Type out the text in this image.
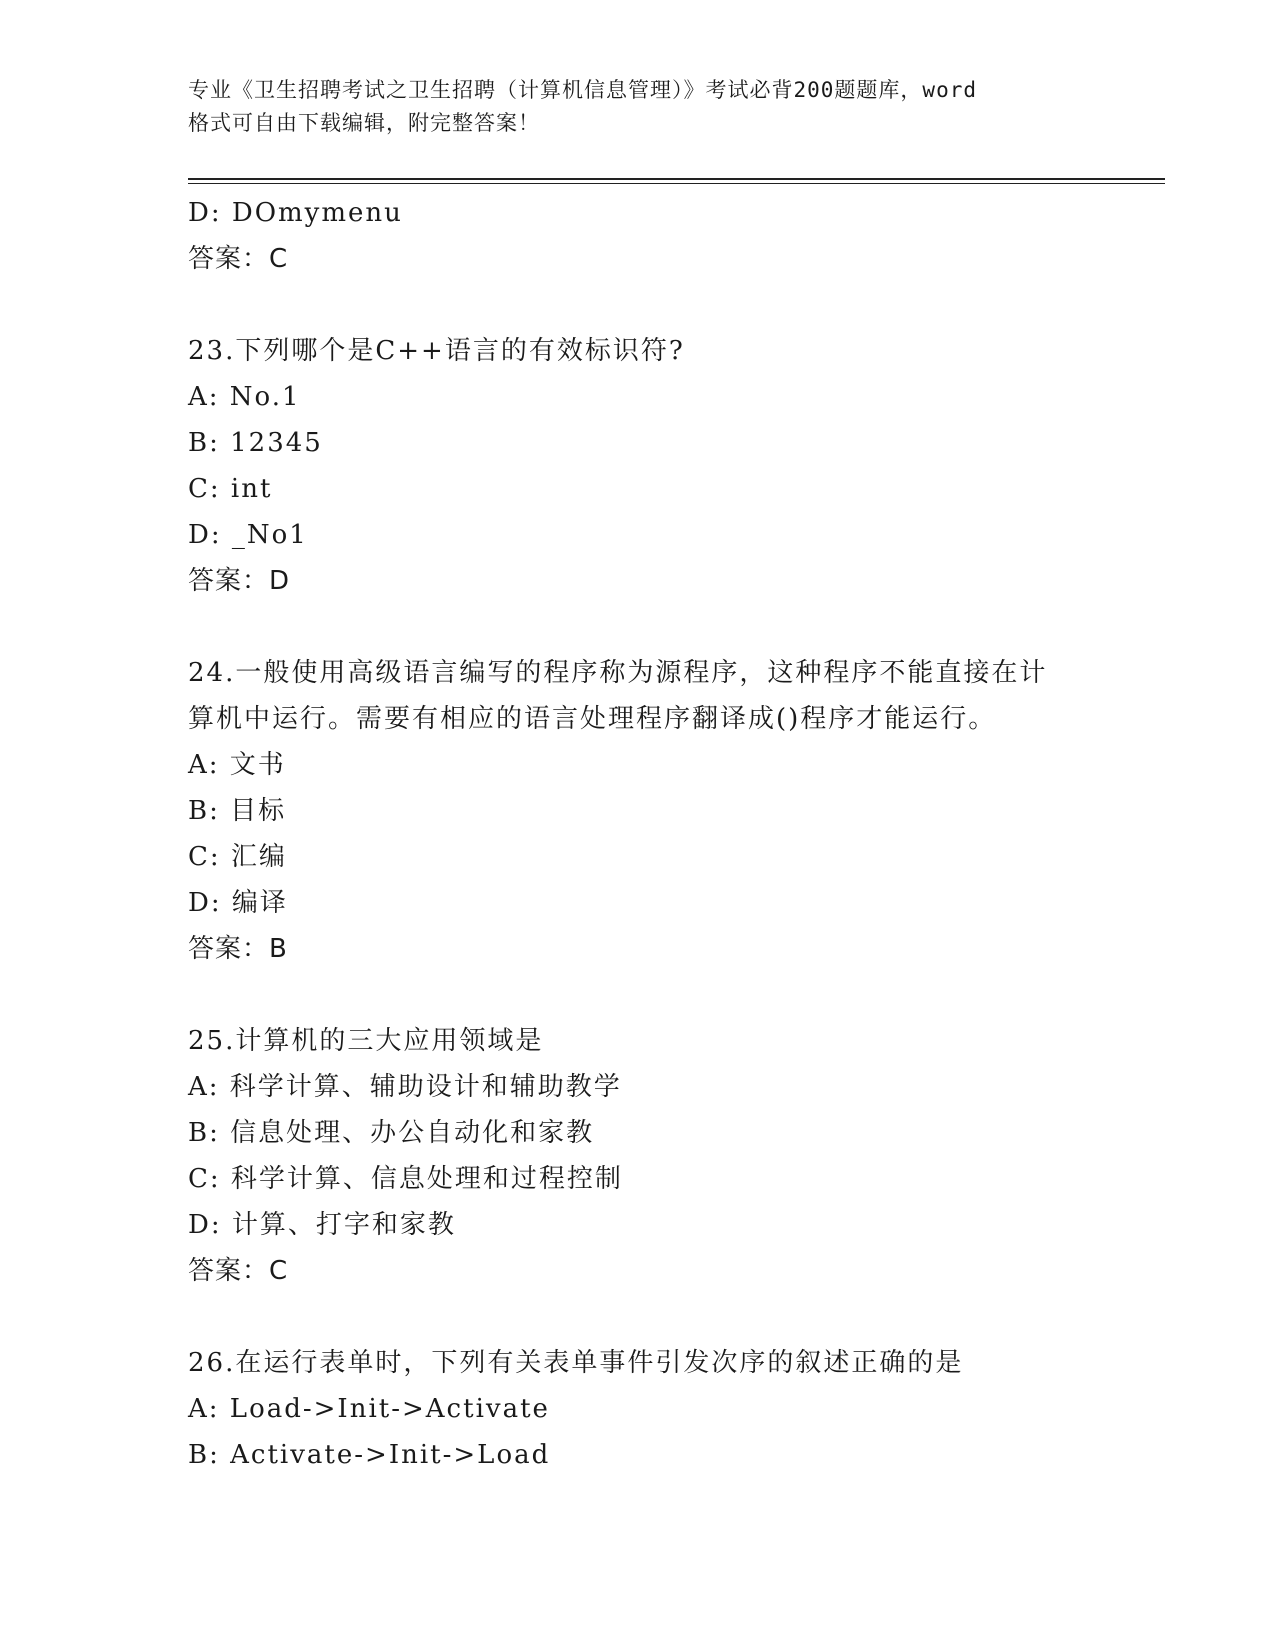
专业《卫生招聘考试之卫生招聘（计算机信息管理）》考试必背200题题库，word
格式可自由下载编辑，附完整答案！
D: DOmymenu
答案：C
23.下列哪个是C++语言的有效标识符?
A: No.1
B: 12345
C: int
D: _No1
答案：D
24.一般使用高级语言编写的程序称为源程序，这种程序不能直接在计
算机中运行。需要有相应的语言处理程序翻译成()程序才能运行。
A: 文书
B: 目标
C: 汇编
D: 编译
答案：B
25.计算机的三大应用领域是
A: 科学计算、辅助设计和辅助教学
B: 信息处理、办公自动化和家教
C: 科学计算、信息处理和过程控制
D: 计算、打字和家教
答案：C
26.在运行表单时，下列有关表单事件引发次序的叙述正确的是
A: Load->Init->Activate
B: Activate->Init->Load
